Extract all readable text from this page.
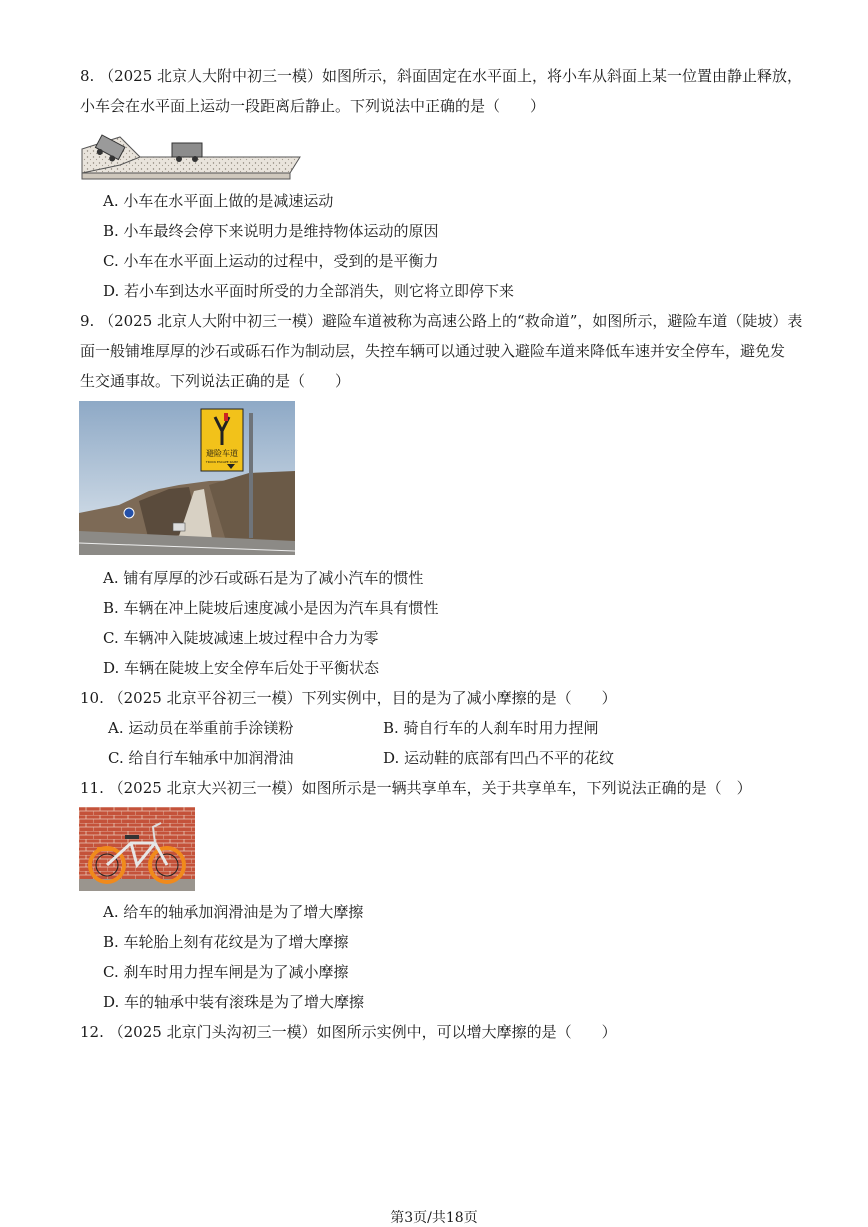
8. （2025 北京人大附中初三一模）如图所示，斜面固定在水平面上，将小车从斜面上某一位置由静止释放，
小车会在水平面上运动一段距离后静止。下列说法中正确的是（　　）
A. 小车在水平面上做的是减速运动
B. 小车最终会停下来说明力是维持物体运动的原因
C. 小车在水平面上运动的过程中，受到的是平衡力
D. 若小车到达水平面时所受的力全部消失，则它将立即停下来
9. （2025 北京人大附中初三一模）避险车道被称为高速公路上的“救命道”，如图所示，避险车道（陡坡）表
面一般铺堆厚厚的沙石或砾石作为制动层，失控车辆可以通过驶入避险车道来降低车速并安全停车，避免发
生交通事故。下列说法正确的是（　　）
避险车道
TRUCK ESCAPE RAMP
A. 铺有厚厚的沙石或砾石是为了减小汽车的惯性
B. 车辆在冲上陡坡后速度减小是因为汽车具有惯性
C. 车辆冲入陡坡减速上坡过程中合力为零
D. 车辆在陡坡上安全停车后处于平衡状态
10. （2025 北京平谷初三一模）下列实例中，目的是为了减小摩擦的是（　　）
A. 运动员在举重前手涂镁粉	B. 骑自行车的人刹车时用力捏闸
C. 给自行车轴承中加润滑油	D. 运动鞋的底部有凹凸不平的花纹
11. （2025 北京大兴初三一模）如图所示是一辆共享单车，关于共享单车，下列说法正确的是（　）
A. 给车的轴承加润滑油是为了增大摩擦
B. 车轮胎上刻有花纹是为了增大摩擦
C. 刹车时用力捏车闸是为了减小摩擦
D. 车的轴承中装有滚珠是为了增大摩擦
12. （2025 北京门头沟初三一模）如图所示实例中，可以增大摩擦的是（　　）
第3页/共18页
